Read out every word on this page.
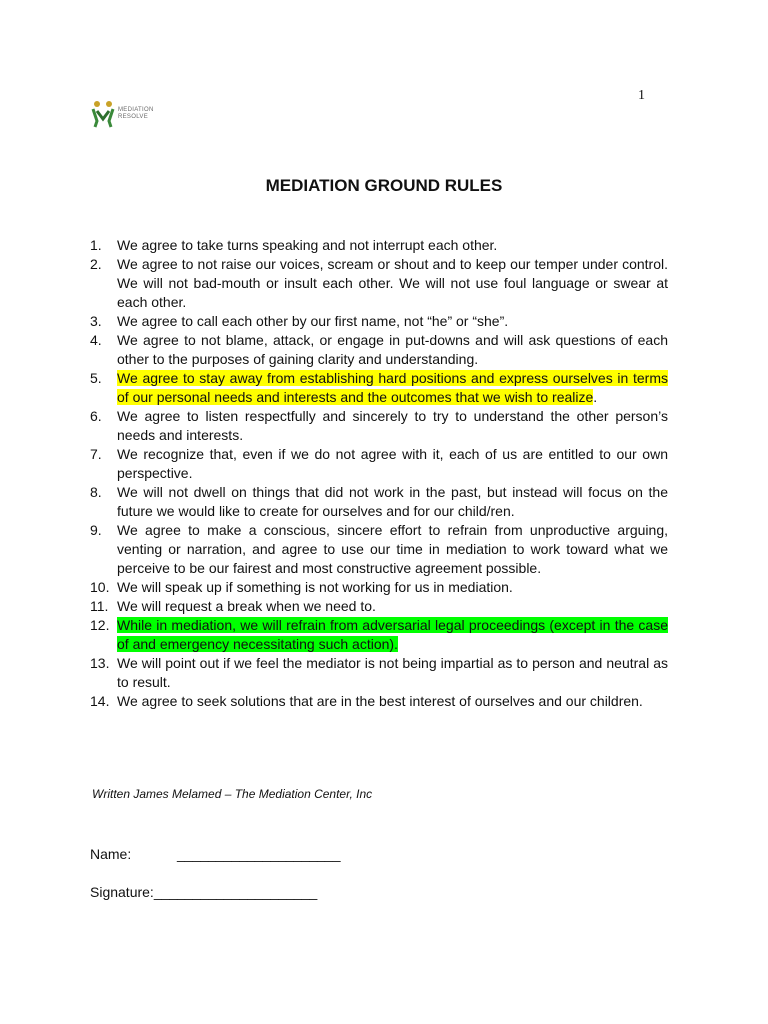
1
MEDIATION
RESOLVE
MEDIATION GROUND RULES
1.	We agree to take turns speaking and not interrupt each other.
2.	We agree to not raise our voices, scream or shout and to keep our temper under control. We will not bad-mouth or insult each other. We will not use foul language or swear at each other.
3.	We agree to call each other by our first name, not “he” or “she”.
4.	We agree to not blame, attack, or engage in put-downs and will ask questions of each other to the purposes of gaining clarity and understanding.
5.	We agree to stay away from establishing hard positions and express ourselves in terms of our personal needs and interests and the outcomes that we wish to realize.
6.	We agree to listen respectfully and sincerely to try to understand the other person’s needs and interests.
7.	We recognize that, even if we do not agree with it, each of us are entitled to our own perspective.
8.	We will not dwell on things that did not work in the past, but instead will focus on the future we would like to create for ourselves and for our child/ren.
9.	We agree to make a conscious, sincere effort to refrain from unproductive arguing, venting or narration, and agree to use our time in mediation to work toward what we perceive to be our fairest and most constructive agreement possible.
10. We will speak up if something is not working for us in mediation.
11. We will request a break when we need to.
12. While in mediation, we will refrain from adversarial legal proceedings (except in the case of and emergency necessitating such action).
13. We will point out if we feel the mediator is not being impartial as to person and neutral as to result.
14. We agree to seek solutions that are in the best interest of ourselves and our children.
Written James Melamed – The Mediation Center, Inc
Name:	_____________________
Signature: _____________________
